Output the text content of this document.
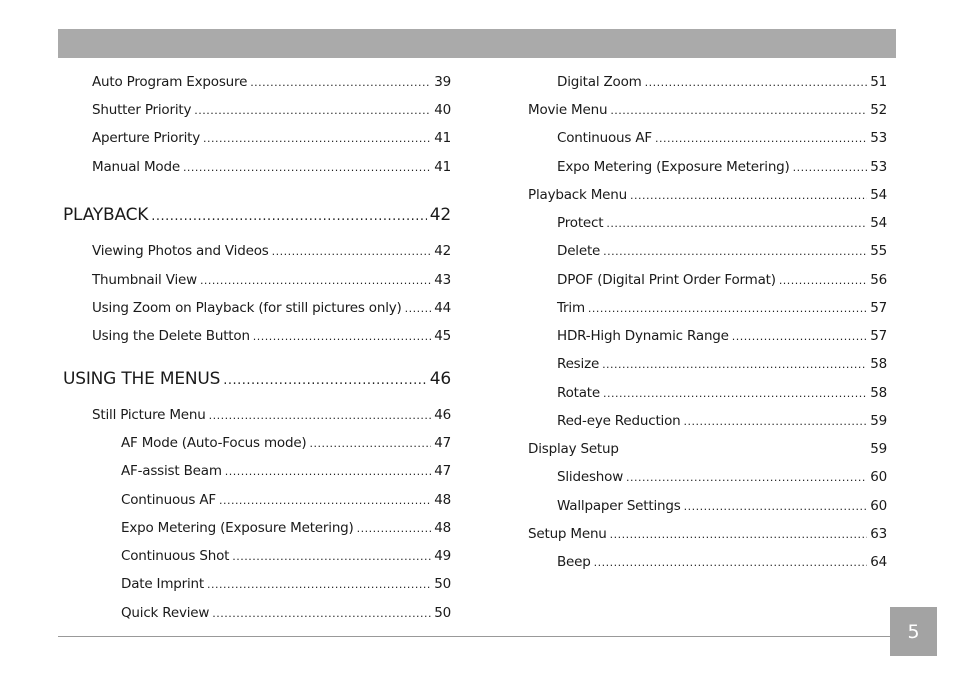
Auto Program Exposure .....	39
Shutter Priority .....	40
Aperture Priority .....	41
Manual Mode .....	41
PLAYBACK .....	42
Viewing Photos and Videos .....	42
Thumbnail View .....	43
Using Zoom on Playback (for still pictures only) ..... 44
Using the Delete Button .....	45
USING THE MENUS .....	46
Still Picture Menu .....	46
AF Mode (Auto-Focus mode) .....	47
AF-assist Beam .....	47
Continuous AF .....	48
Expo Metering (Exposure Metering) .....	48
Continuous Shot .....	49
Date Imprint .....	50
Quick Review .....	50
Digital Zoom .....	51
Movie Menu .....	52
Continuous AF .....	53
Expo Metering (Exposure Metering) .....	53
Playback Menu .....	54
Protect .....	54
Delete .....	55
DPOF (Digital Print Order Format) .....	56
Trim .....	57
HDR-High Dynamic Range .....	57
Resize .....	58
Rotate .....	58
Red-eye Reduction .....	59
Display Setup	59
Slideshow .....	60
Wallpaper Settings .....	60
Setup Menu .....	63
Beep .....	64
5
